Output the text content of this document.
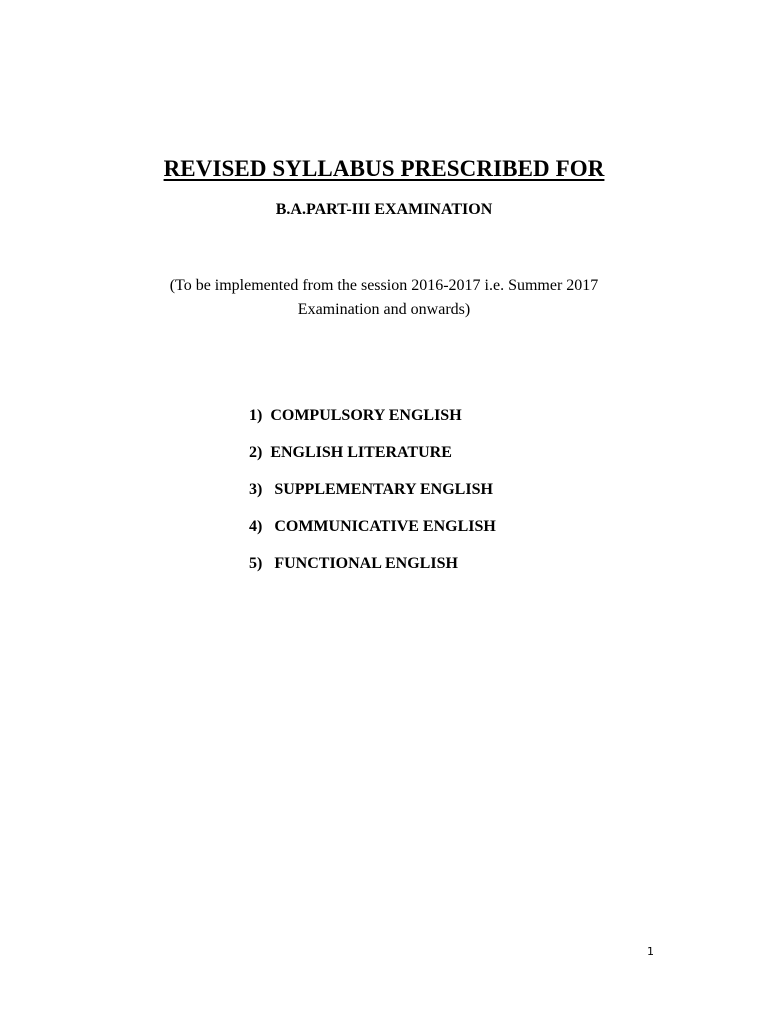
REVISED SYLLABUS PRESCRIBED FOR
B.A.PART-III EXAMINATION
(To be implemented from the session 2016-2017 i.e. Summer 2017
Examination and onwards)
1)  COMPULSORY ENGLISH
2)  ENGLISH LITERATURE
3)   SUPPLEMENTARY ENGLISH
4)   COMMUNICATIVE ENGLISH
5)   FUNCTIONAL ENGLISH
1
